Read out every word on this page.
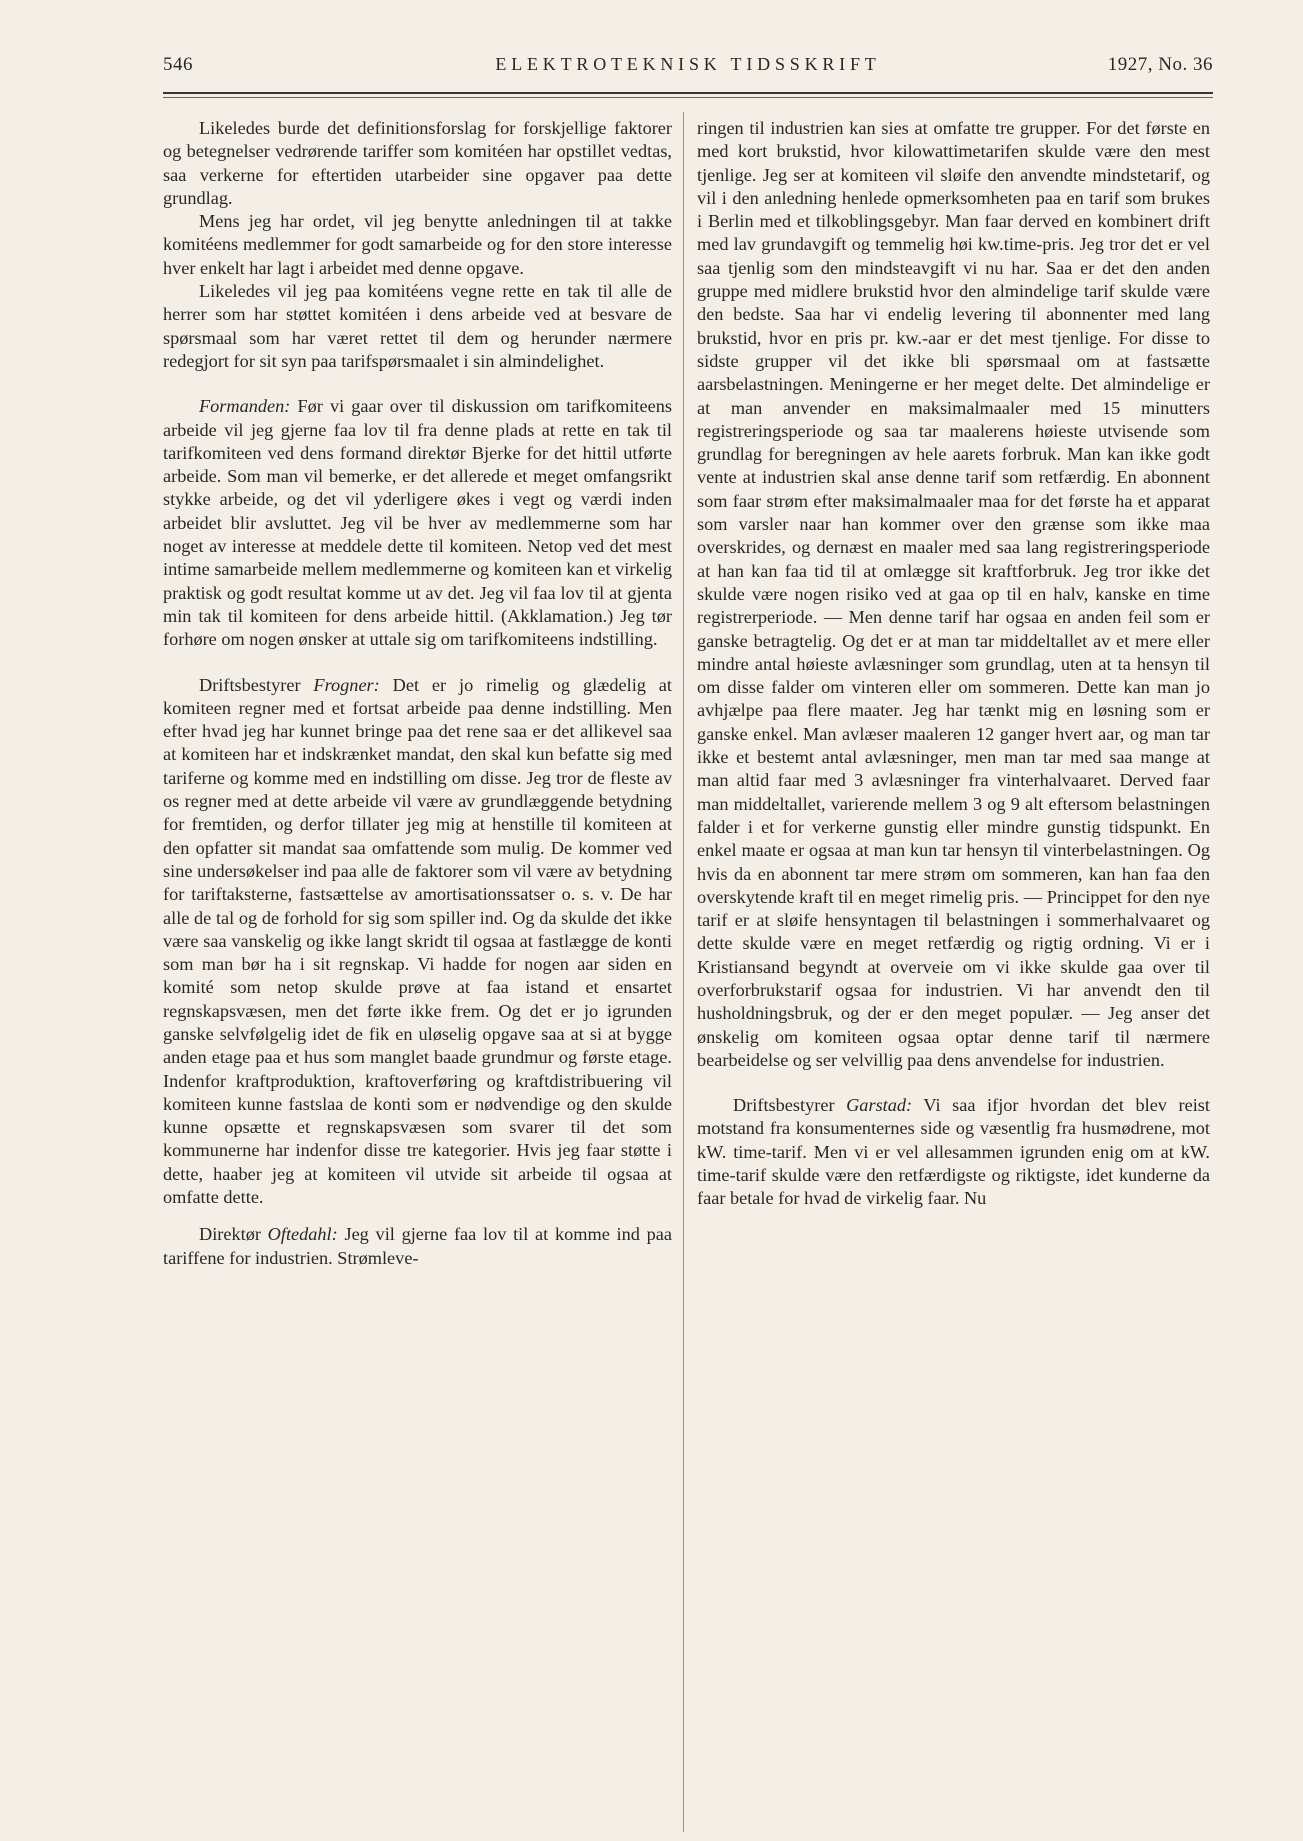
546	ELEKTROTEKNISK TIDSSKRIFT	1927, No. 36

Likeledes burde det definitionsforslag for forskjellige faktorer og betegnelser vedrørende tariffer som komitéen har opstillet vedtas, saa verkerne for eftertiden utarbeider sine opgaver paa dette grundlag.

Mens jeg har ordet, vil jeg benytte anledningen til at takke komitéens medlemmer for godt samarbeide og for den store interesse hver enkelt har lagt i arbeidet med denne opgave.

Likeledes vil jeg paa komitéens vegne rette en tak til alle de herrer som har støttet komitéen i dens arbeide ved at besvare de spørsmaal som har været rettet til dem og herunder nærmere redegjort for sit syn paa tarifspørsmaalet i sin almindelighet.

Formanden: Før vi gaar over til diskussion om tarifkomiteens arbeide vil jeg gjerne faa lov til fra denne plads at rette en tak til tarifkomiteen ved dens formand direktør Bjerke for det hittil utførte arbeide. Som man vil bemerke, er det allerede et meget omfangsrikt stykke arbeide, og det vil yderligere økes i vegt og værdi inden arbeidet blir avsluttet. Jeg vil be hver av medlemmerne som har noget av interesse at meddele dette til komiteen. Netop ved det mest intime samarbeide mellem medlemmerne og komiteen kan et virkelig praktisk og godt resultat komme ut av det. Jeg vil faa lov til at gjenta min tak til komiteen for dens arbeide hittil. (Akklamation.) Jeg tør forhøre om nogen ønsker at uttale sig om tarifkomiteens indstilling.

Driftsbestyrer Frogner: Det er jo rimelig og glædelig at komiteen regner med et fortsat arbeide paa denne indstilling. Men efter hvad jeg har kunnet bringe paa det rene saa er det allikevel saa at komiteen har et indskrænket mandat, den skal kun befatte sig med tariferne og komme med en indstilling om disse. Jeg tror de fleste av os regner med at dette arbeide vil være av grundlæggende betydning for fremtiden, og derfor tillater jeg mig at henstille til komiteen at den opfatter sit mandat saa omfattende som mulig. De kommer ved sine undersøkelser ind paa alle de faktorer som vil være av betydning for tariftaksterne, fastsættelse av amortisationssatser o. s. v. De har alle de tal og de forhold for sig som spiller ind. Og da skulde det ikke være saa vanskelig og ikke langt skridt til ogsaa at fastlægge de konti som man bør ha i sit regnskap. Vi hadde for nogen aar siden en komité som netop skulde prøve at faa istand et ensartet regnskapsvæsen, men det førte ikke frem. Og det er jo igrunden ganske selvfølgelig idet de fik en uløselig opgave saa at si at bygge anden etage paa et hus som manglet baade grundmur og første etage. Indenfor kraftproduktion, kraftoverføring og kraftdistribuering vil komiteen kunne fastslaa de konti som er nødvendige og den skulde kunne opsætte et regnskapsvæsen som svarer til det som kommunerne har indenfor disse tre kategorier. Hvis jeg faar støtte i dette, haaber jeg at komiteen vil utvide sit arbeide til ogsaa at omfatte dette.

Direktør Oftedahl: Jeg vil gjerne faa lov til at komme ind paa tariffene for industrien. Strømleve-

ringen til industrien kan sies at omfatte tre grupper. For det første en med kort brukstid, hvor kilowattimetarifen skulde være den mest tjenlige. Jeg ser at komiteen vil sløife den anvendte mindstetarif, og vil i den anledning henlede opmerksomheten paa en tarif som brukes i Berlin med et tilkoblingsgebyr. Man faar derved en kombinert drift med lav grundavgift og temmelig høi kw.time-pris. Jeg tror det er vel saa tjenlig som den mindsteavgift vi nu har. Saa er det den anden gruppe med midlere brukstid hvor den almindelige tarif skulde være den bedste. Saa har vi endelig levering til abonnenter med lang brukstid, hvor en pris pr. kw.-aar er det mest tjenlige. For disse to sidste grupper vil det ikke bli spørsmaal om at fastsætte aarsbelastningen. Meningerne er her meget delte. Det almindelige er at man anvender en maksimalmaaler med 15 minutters registreringsperiode og saa tar maalerens høieste utvisende som grundlag for beregningen av hele aarets forbruk. Man kan ikke godt vente at industrien skal anse denne tarif som retfærdig. En abonnent som faar strøm efter maksimalmaaler maa for det første ha et apparat som varsler naar han kommer over den grænse som ikke maa overskrides, og dernæst en maaler med saa lang registreringsperiode at han kan faa tid til at omlægge sit kraftforbruk. Jeg tror ikke det skulde være nogen risiko ved at gaa op til en halv, kanske en time registrerperiode. — Men denne tarif har ogsaa en anden feil som er ganske betragtelig. Og det er at man tar middeltallet av et mere eller mindre antal høieste avlæsninger som grundlag, uten at ta hensyn til om disse falder om vinteren eller om sommeren. Dette kan man jo avhjælpe paa flere maater. Jeg har tænkt mig en løsning som er ganske enkel. Man avlæser maaleren 12 ganger hvert aar, og man tar ikke et bestemt antal avlæsninger, men man tar med saa mange at man altid faar med 3 avlæsninger fra vinterhalvaaret. Derved faar man middeltallet, varierende mellem 3 og 9 alt eftersom belastningen falder i et for verkerne gunstig eller mindre gunstig tidspunkt. En enkel maate er ogsaa at man kun tar hensyn til vinterbelastningen. Og hvis da en abonnent tar mere strøm om sommeren, kan han faa den overskytende kraft til en meget rimelig pris. — Princippet for den nye tarif er at sløife hensyntagen til belastningen i sommerhalvaaret og dette skulde være en meget retfærdig og rigtig ordning. Vi er i Kristiansand begyndt at overveie om vi ikke skulde gaa over til overforbrukstarif ogsaa for industrien. Vi har anvendt den til husholdningsbruk, og der er den meget populær. — Jeg anser det ønskelig om komiteen ogsaa optar denne tarif til nærmere bearbeidelse og ser velvillig paa dens anvendelse for industrien.

Driftsbestyrer Garstad: Vi saa ifjor hvordan det blev reist motstand fra konsumenternes side og væsentlig fra husmødrene, mot kW. time-tarif. Men vi er vel allesammen igrunden enig om at kW. time-tarif skulde være den retfærdigste og riktigste, idet kunderne da faar betale for hvad de virkelig faar. Nu
